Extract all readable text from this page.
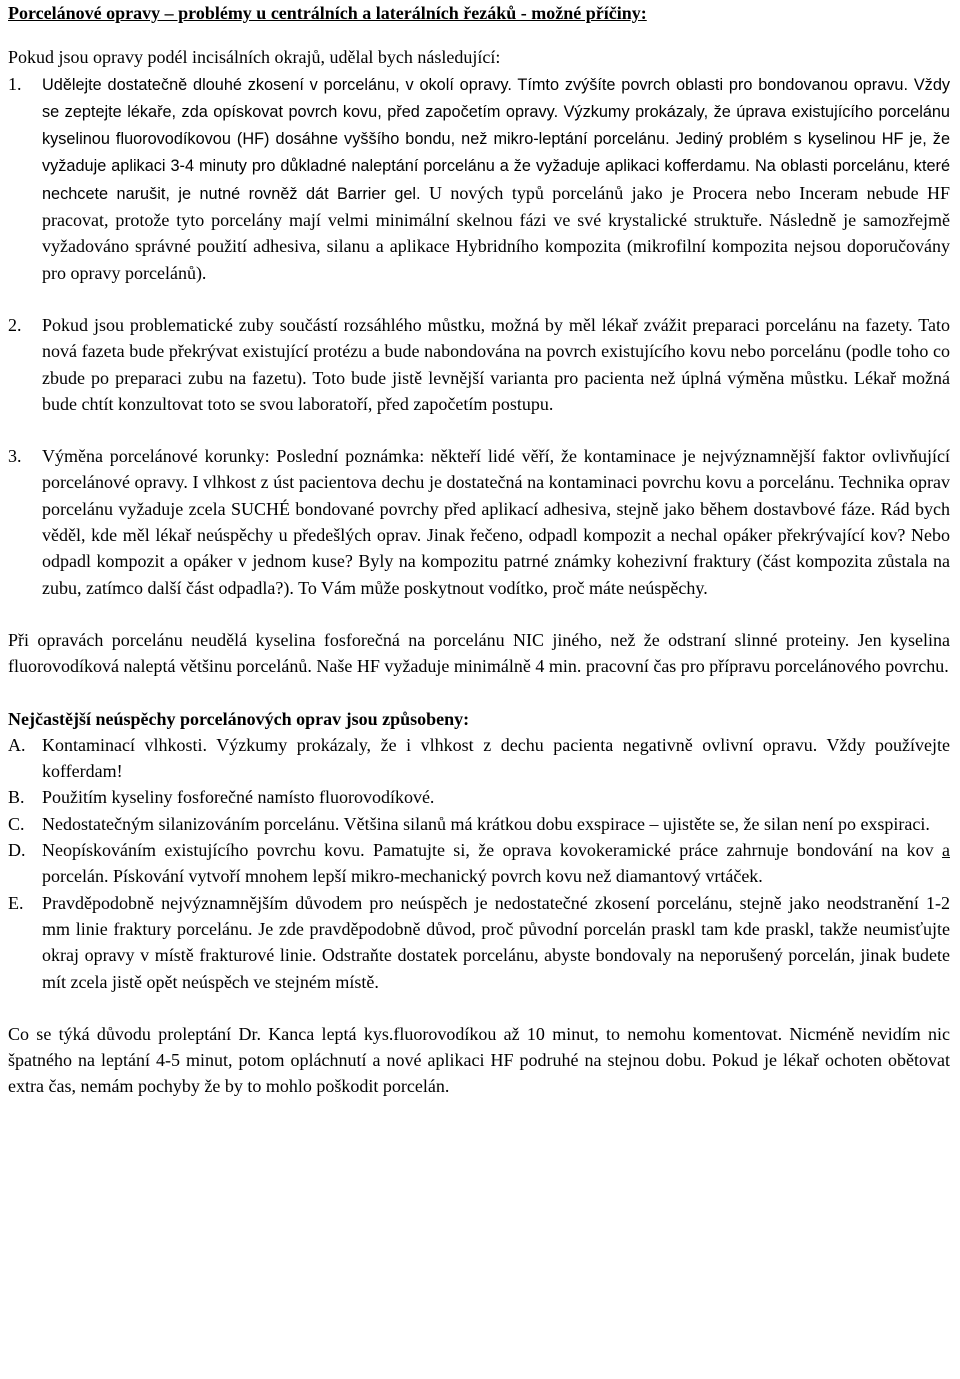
Porcelánové opravy – problémy u centrálních a laterálních řezáků - možné příčiny:

Pokud jsou opravy podél incisálních okrajů, udělal bych následující:

1.	Udělejte dostatečně dlouhé zkosení v porcelánu, v okolí opravy. Tímto zvýšíte povrch oblasti pro bondovanou opravu. Vždy se zeptejte lékaře, zda opískovat povrch kovu, před započetím opravy. Výzkumy prokázaly, že úprava existujícího porcelánu kyselinou fluorovodíkovou (HF) dosáhne vyššího bondu, než mikro-leptání porcelánu. Jediný problém s kyselinou HF je, že vyžaduje aplikaci 3-4 minuty pro důkladné naleptání porcelánu a že vyžaduje aplikaci kofferdamu. Na oblasti porcelánu, které nechcete narušit, je nutné rovněž dát Barrier gel. U nových typů porcelánů jako je Procera nebo Inceram nebude HF pracovat, protože tyto porcelány mají velmi minimální skelnou fázi ve své krystalické struktuře. Následně je samozřejmě vyžadováno správné použití adhesiva, silanu a aplikace Hybridního kompozita (mikrofilní kompozita nejsou doporučovány pro opravy porcelánů).
2.	Pokud jsou problematické zuby součástí rozsáhlého můstku, možná by měl lékař zvážit preparaci porcelánu na fazety. Tato nová fazeta bude překrývat existující protézu a bude nabondována na povrch existujícího kovu nebo porcelánu (podle toho co zbude po preparaci zubu na fazetu). Toto bude jistě levnější varianta pro pacienta než úplná výměna můstku. Lékař možná bude chtít konzultovat toto se svou laboratoří, před započetím postupu.
3.	Výměna porcelánové korunky: Poslední poznámka: někteří lidé věří, že kontaminace je nejvýznamnější faktor ovlivňující porcelánové opravy. I vlhkost z úst pacientova dechu je dostatečná na kontaminaci povrchu kovu a porcelánu. Technika oprav porcelánu vyžaduje zcela SUCHÉ bondované povrchy před aplikací adhesiva, stejně jako během dostavbové fáze. Rád bych věděl, kde měl lékař neúspěchy u předešlých oprav. Jinak řečeno, odpadl kompozit a nechal opáker překrývající kov? Nebo odpadl kompozit a opáker v jednom kuse? Byly na kompozitu patrné známky kohezivní fraktury (část kompozita zůstala na zubu, zatímco další část odpadla?). To Vám může poskytnout vodítko, proč máte neúspěchy.

Při opravách porcelánu neudělá kyselina fosforečná na porcelánu NIC jiného, než že odstraní slinné proteiny. Jen kyselina fluorovodíková naleptá většinu porcelánů. Naše HF vyžaduje minimálně 4 min. pracovní čas pro přípravu porcelánového povrchu.

Nejčastější neúspěchy porcelánových oprav jsou způsobeny:

A. Kontaminací vlhkosti. Výzkumy prokázaly, že i vlhkost z dechu pacienta negativně ovlivní opravu. Vždy používejte kofferdam!
B. Použitím kyseliny fosforečné namísto fluorovodíkové.
C. Nedostatečným silanizováním porcelánu. Většina silanů má krátkou dobu exspirace – ujistěte se, že silan není po exspiraci.
D. Neopískováním existujícího povrchu kovu. Pamatujte si, že oprava kovokeramické práce zahrnuje bondování na kov a porcelán. Pískování vytvoří mnohem lepší mikro-mechanický povrch kovu než diamantový vrtáček.
E.	Pravděpodobně nejvýznamnějším důvodem pro neúspěch je nedostatečné zkosení porcelánu, stejně jako neodstranění 1-2 mm linie fraktury porcelánu. Je zde pravděpodobně důvod, proč původní porcelán praskl tam kde praskl, takže neumisťujte okraj opravy v místě frakturové linie. Odstraňte dostatek porcelánu, abyste bondovaly na neporušený porcelán, jinak budete mít zcela jistě opět neúspěch ve stejném místě.

Co se týká důvodu proleptání Dr. Kanca leptá kys.fluorovodíkou až 10 minut, to nemohu komentovat. Nicméně nevidím nic špatného na leptání 4-5 minut, potom opláchnutí a nové aplikaci HF podruhé na stejnou dobu. Pokud je lékař ochoten obětovat extra čas, nemám pochyby že by to mohlo poškodit porcelán.
